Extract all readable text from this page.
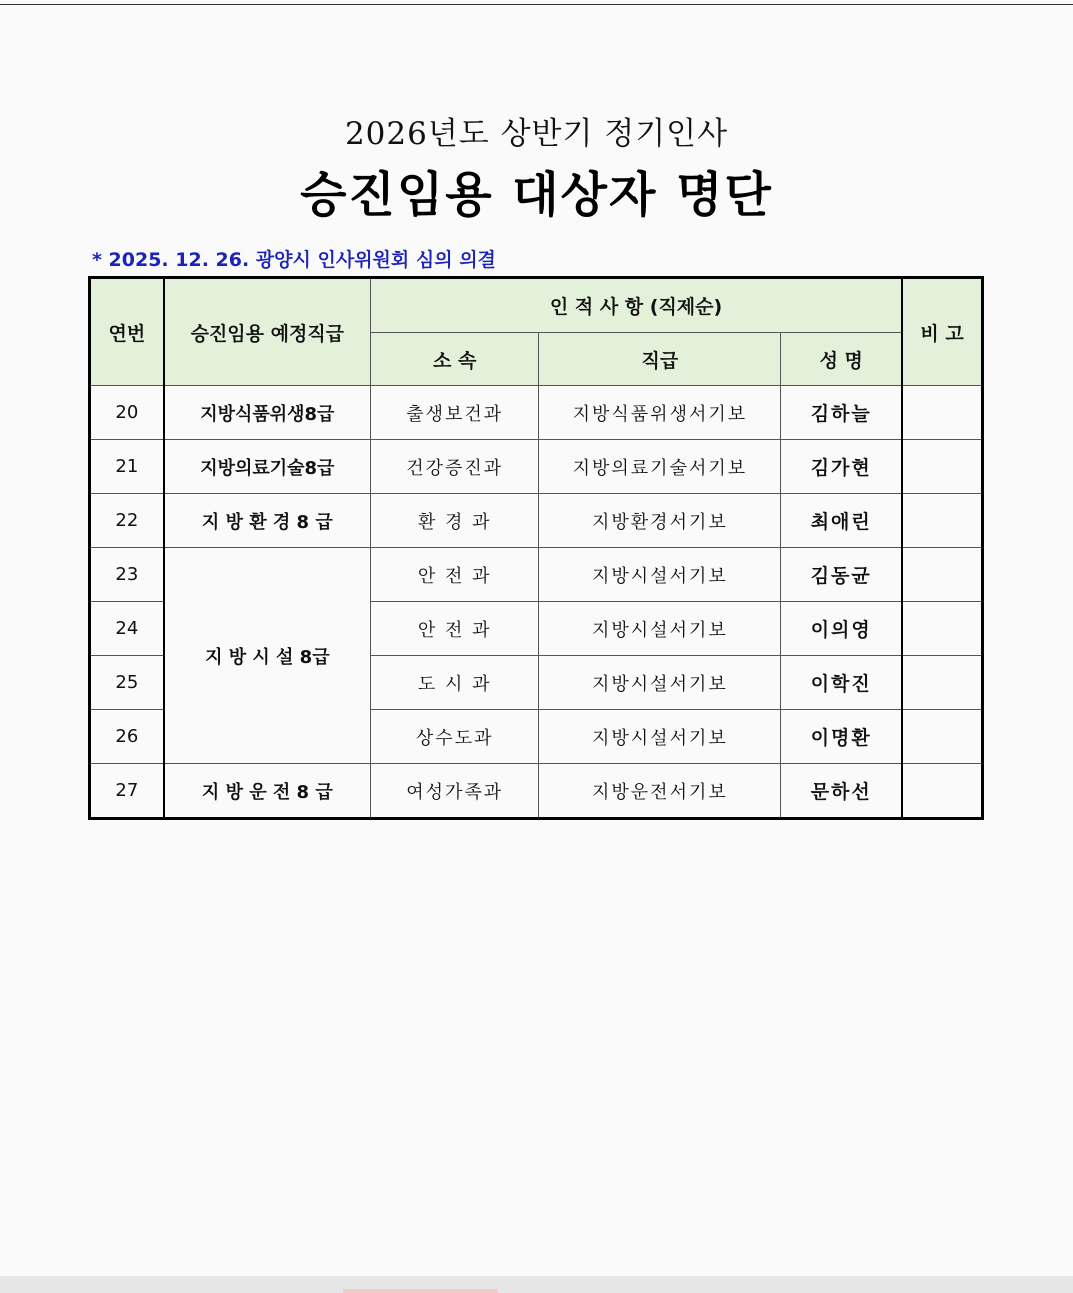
2026년도 상반기 정기인사
승진임용 대상자 명단
* 2025. 12. 26. 광양시 인사위원회 심의 의결
연번	승진임용 예정직급	인 적 사 항 (직제순)			비 고
		소 속	직급	성 명	
20	지방식품위생8급	출생보건과	지방식품위생서기보	김하늘	
21	지방의료기술8급	건강증진과	지방의료기술서기보	김가현	
22	지 방 환 경 8 급	환 경 과	지방환경서기보	최애린	
23	지 방 시 설 8급	안 전 과	지방시설서기보	김동균	
24		안 전 과	지방시설서기보	이의영	
25		도 시 과	지방시설서기보	이학진	
26		상수도과	지방시설서기보	이명환	
27	지 방 운 전 8 급	여성가족과	지방운전서기보	문하선	
